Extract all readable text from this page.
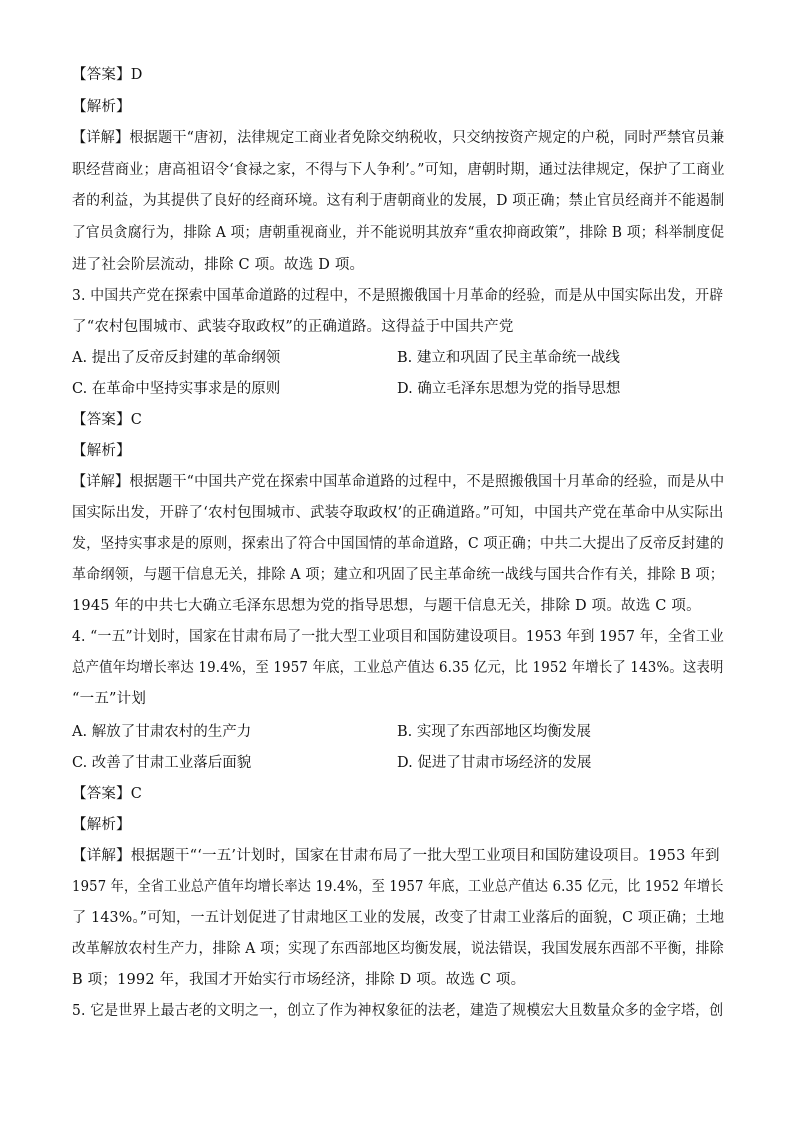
【答案】D
【解析】
【详解】根据题干“唐初，法律规定工商业者免除交纳税收，只交纳按资产规定的户税，同时严禁官员兼
职经营商业；唐高祖诏令‘食禄之家，不得与下人争利’。”可知，唐朝时期，通过法律规定，保护了工商业
者的利益，为其提供了良好的经商环境。这有利于唐朝商业的发展，D 项正确；禁止官员经商并不能遏制
了官员贪腐行为，排除 A 项；唐朝重视商业，并不能说明其放弃“重农抑商政策”，排除 B 项；科举制度促
进了社会阶层流动，排除 C 项。故选 D 项。
3. 中国共产党在探索中国革命道路的过程中，不是照搬俄国十月革命的经验，而是从中国实际出发，开辟
了“农村包围城市、武装夺取政权”的正确道路。这得益于中国共产党
A. 提出了反帝反封建的革命纲领	B. 建立和巩固了民主革命统一战线
C. 在革命中坚持实事求是的原则	D. 确立毛泽东思想为党的指导思想
【答案】C
【解析】
【详解】根据题干“中国共产党在探索中国革命道路的过程中，不是照搬俄国十月革命的经验，而是从中
国实际出发，开辟了‘农村包围城市、武装夺取政权’的正确道路。”可知，中国共产党在革命中从实际出
发，坚持实事求是的原则，探索出了符合中国国情的革命道路，C 项正确；中共二大提出了反帝反封建的
革命纲领，与题干信息无关，排除 A 项；建立和巩固了民主革命统一战线与国共合作有关，排除 B 项；
1945 年的中共七大确立毛泽东思想为党的指导思想，与题干信息无关，排除 D 项。故选 C 项。
4. “一五”计划时，国家在甘肃布局了一批大型工业项目和国防建设项目。1953 年到 1957 年，全省工业
总产值年均增长率达 19.4%，至 1957 年底，工业总产值达 6.35 亿元，比 1952 年增长了 143%。这表明
“一五”计划
A. 解放了甘肃农村的生产力	B. 实现了东西部地区均衡发展
C. 改善了甘肃工业落后面貌	D. 促进了甘肃市场经济的发展
【答案】C
【解析】
【详解】根据题干“‘一五’计划时，国家在甘肃布局了一批大型工业项目和国防建设项目。1953 年到
1957 年，全省工业总产值年均增长率达 19.4%，至 1957 年底，工业总产值达 6.35 亿元，比 1952 年增长
了 143%。”可知，一五计划促进了甘肃地区工业的发展，改变了甘肃工业落后的面貌，C 项正确；土地
改革解放农村生产力，排除 A 项；实现了东西部地区均衡发展，说法错误，我国发展东西部不平衡，排除
B 项；1992 年，我国才开始实行市场经济，排除 D 项。故选 C 项。
5. 它是世界上最古老的文明之一，创立了作为神权象征的法老，建造了规模宏大且数量众多的金字塔，创
